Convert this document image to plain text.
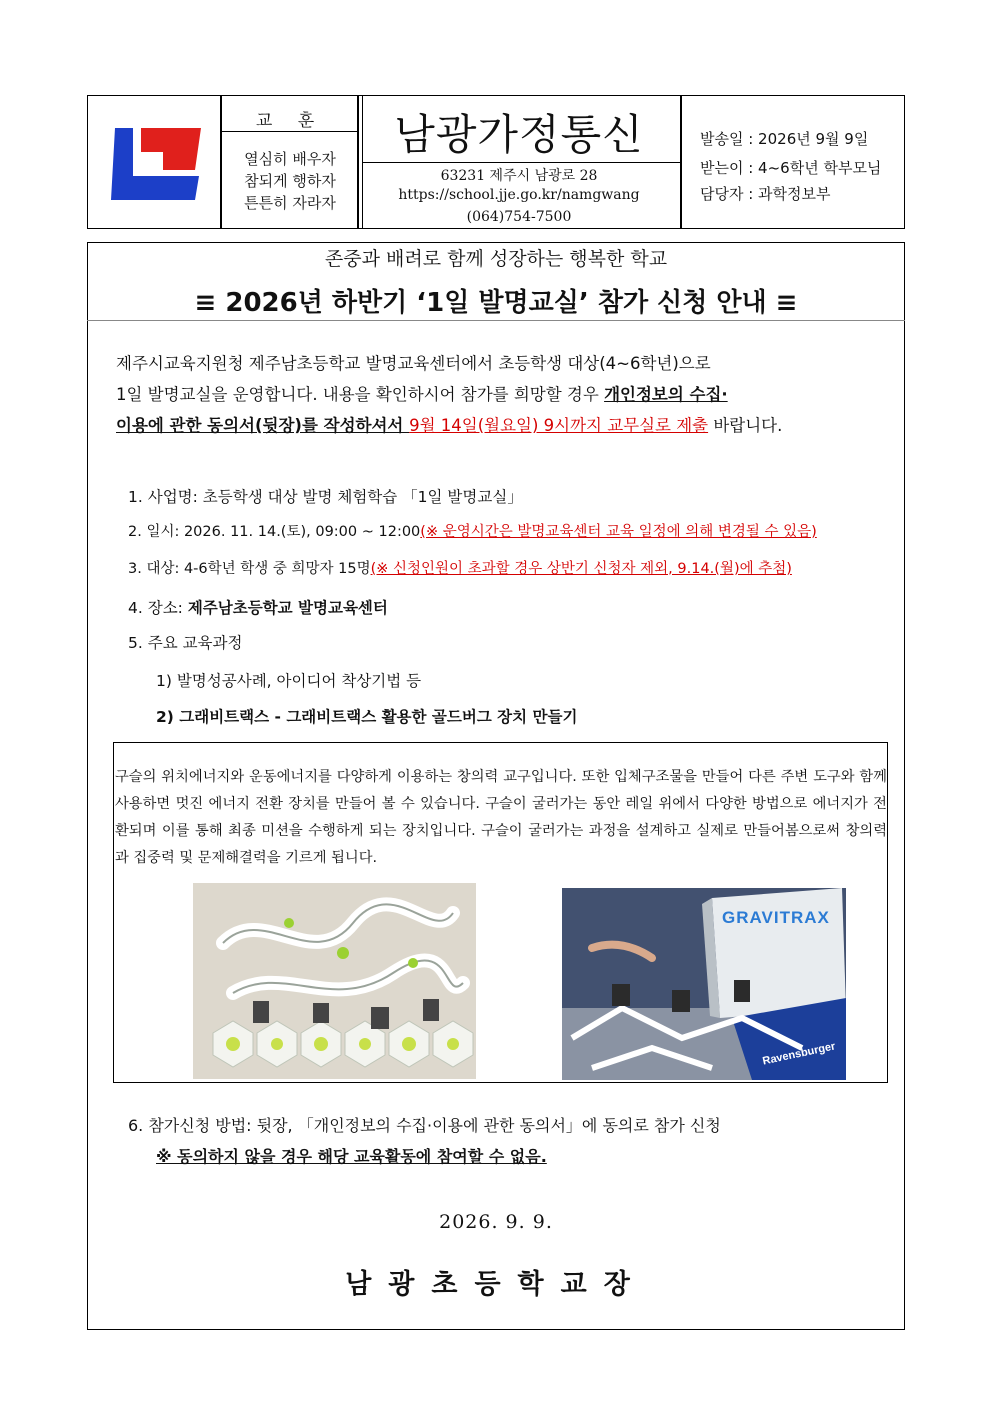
교 훈
열심히 배우자
참되게 행하자
튼튼히 자라자
남광가정통신
63231 제주시 남광로 28
https://school.jje.go.kr/namgwang
(064)754-7500
발송일 : 2026년 9월 9일
받는이 : 4~6학년 학부모님
담당자 : 과학정보부
존중과 배려로 함께 성장하는 행복한 학교
≡ 2026년 하반기 ‘1일 발명교실’ 참가 신청 안내 ≡
제주시교육지원청 제주남초등학교 발명교육센터에서 초등학생 대상(4~6학년)으로
1일 발명교실을 운영합니다. 내용을 확인하시어 참가를 희망할 경우 개인정보의 수집·
이용에 관한 동의서(뒷장)를 작성하셔서 9월 14일(월요일) 9시까지 교무실로 제출 바랍니다.
1. 사업명: 초등학생 대상 발명 체험학습 「1일 발명교실」
2. 일시: 2026. 11. 14.(토), 09:00 ~ 12:00(※ 운영시간은 발명교육센터 교육 일정에 의해 변경될 수 있음)
3. 대상: 4-6학년 학생 중 희망자 15명(※ 신청인원이 초과할 경우 상반기 신청자 제외, 9.14.(월)에 추첨)
4. 장소: 제주남초등학교 발명교육센터
5. 주요 교육과정
1) 발명성공사례, 아이디어 착상기법 등
2) 그래비트랙스 - 그래비트랙스 활용한 골드버그 장치 만들기
구슬의 위치에너지와 운동에너지를 다양하게 이용하는 창의력 교구입니다. 또한 입체구조물을 만들어 다른 주변 도구와 함께 사용하면 멋진 에너지 전환 장치를 만들어 볼 수 있습니다. 구슬이 굴러가는 동안 레일 위에서 다양한 방법으로 에너지가 전환되며 이를 통해 최종 미션을 수행하게 되는 장치입니다. 구슬이 굴러가는 과정을 설계하고 실제로 만들어봄으로써 창의력과 집중력 및 문제해결력을 기르게 됩니다.
GRAVITRAX
Ravensburger
6. 참가신청 방법: 뒷장, 「개인정보의 수집·이용에 관한 동의서」에 동의로 참가 신청
※ 동의하지 않을 경우 해당 교육활동에 참여할 수 없음.
2026. 9. 9.
남광초등학교장
